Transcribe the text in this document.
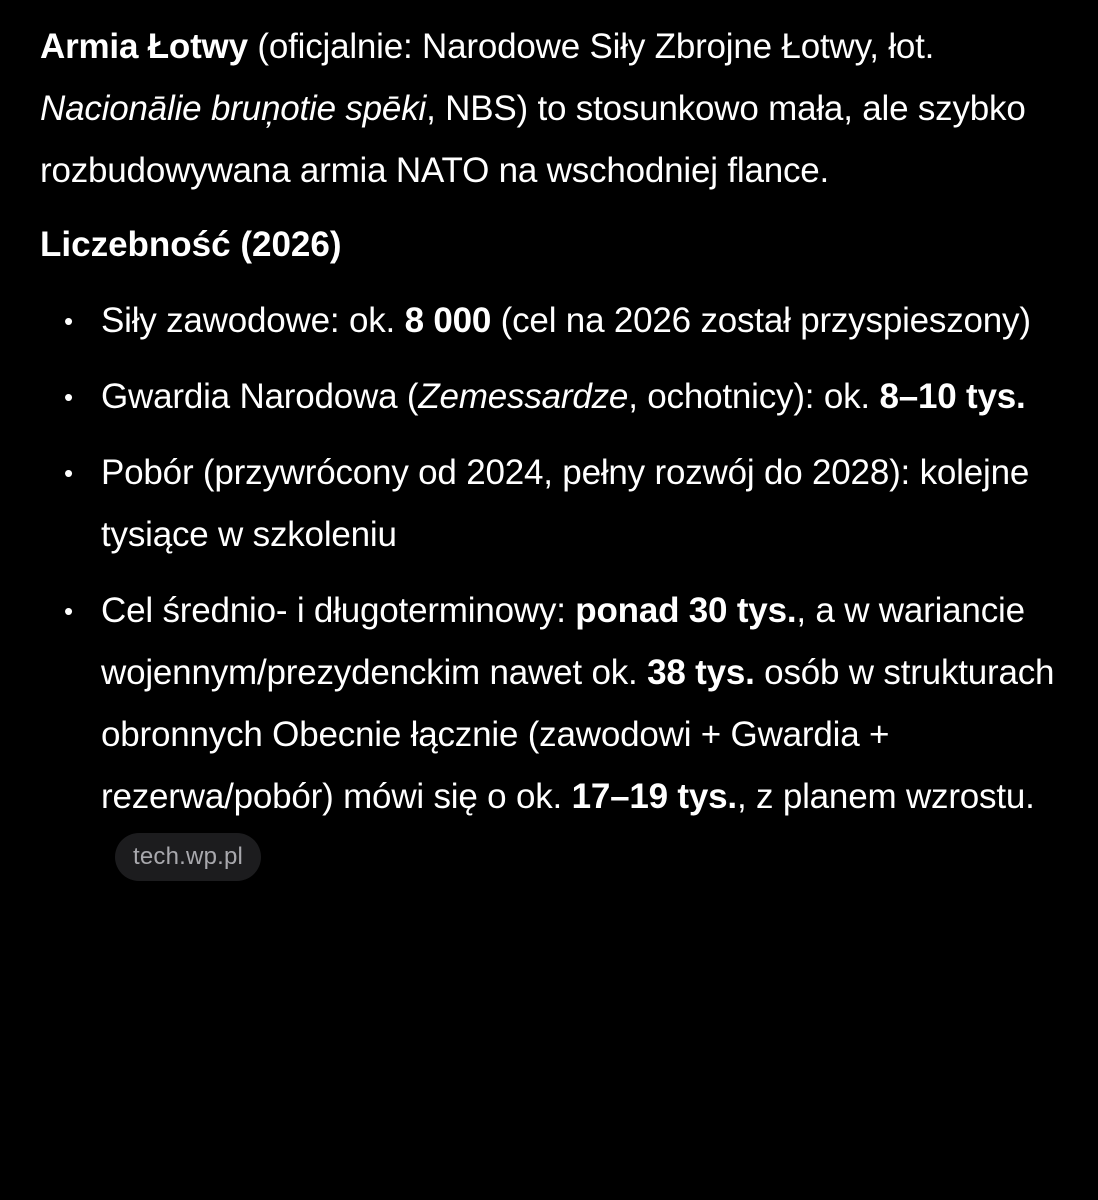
Armia Łotwy (oficjalnie: Narodowe Siły Zbrojne Łotwy, łot. Nacionālie bruņotie spēki, NBS) to stosunkowo mała, ale szybko rozbudowywana armia NATO na wschodniej flance.

Liczebność (2026)

• Siły zawodowe: ok. 8 000 (cel na 2026 został przyspieszony)
• Gwardia Narodowa (Zemessardze, ochotnicy): ok. 8–10 tys.
• Pobór (przywrócony od 2024, pełny rozwój do 2028): kolejne tysiące w szkoleniu
• Cel średnio- i długoterminowy: ponad 30 tys., a w wariancie wojennym/prezydenckim nawet ok. 38 tys. osób w strukturach obronnych Obecnie łącznie (zawodowi + Gwardia + rezerwa/pobór) mówi się o ok. 17–19 tys., z planem wzrostu.tech.wp.pl
